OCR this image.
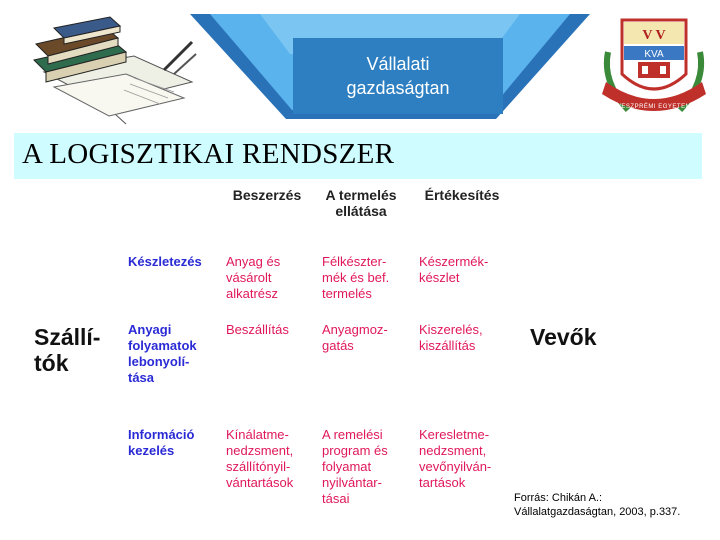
Vállalati
gazdaságtan
V V
KVA
VESZPRÉMI EGYETEM
A LOGISZTIKAI RENDSZER
Beszerzés	A termelés
ellátása
Értékesítés
Készletezés
Anyagi
folyamatok
lebonyolí-
tása
Információ
kezelés
Anyag és
vásárolt
alkatrész
Félkészter-
mék és bef.
termelés
Készermék-
készlet
Beszállítás	Anyagmoz-
gatás
Kiszerelés,
kiszállítás
Kínálatme-
nedzsment,
szállítónyil-
vántartások
A remelési
program és
folyamat
nyilvántar-
tásai
Keresletme-
nedzsment,
vevőnyilván-
tartások
Szállí-
tók
Vevők
Forrás: Chikán A.:
Vállalatgazdaságtan, 2003, p.337.
